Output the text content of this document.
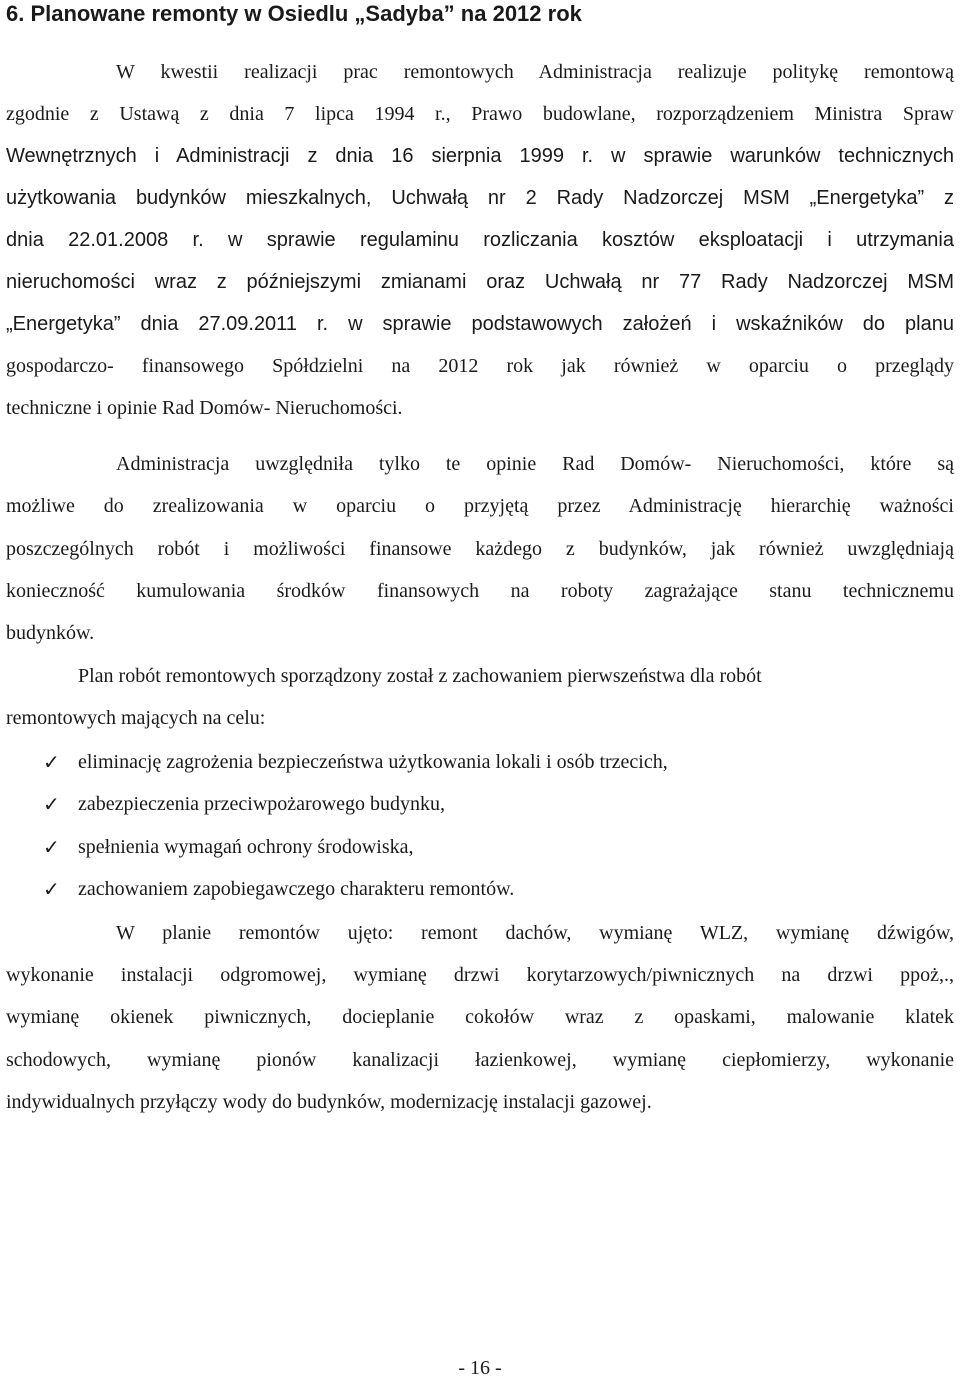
6. Planowane remonty w Osiedlu „Sadyba” na 2012 rok
W kwestii realizacji prac remontowych Administracja realizuje politykę remontową
zgodnie z Ustawą z dnia 7 lipca 1994 r., Prawo budowlane, rozporządzeniem Ministra Spraw
Wewnętrznych i Administracji z dnia 16 sierpnia 1999 r. w sprawie warunków technicznych
użytkowania budynków mieszkalnych, Uchwałą nr 2 Rady Nadzorczej MSM „Energetyka” z
dnia 22.01.2008 r. w sprawie regulaminu rozliczania kosztów eksploatacji i utrzymania
nieruchomości wraz z późniejszymi zmianami oraz Uchwałą nr 77 Rady Nadzorczej MSM
„Energetyka” dnia 27.09.2011 r. w sprawie podstawowych założeń i wskaźników do planu
gospodarczo- finansowego Spółdzielni na 2012 rok jak również w oparciu o przeglądy
techniczne i opinie Rad Domów- Nieruchomości.
Administracja uwzględniła tylko te opinie Rad Domów- Nieruchomości, które są
możliwe do zrealizowania w oparciu o przyjętą przez Administrację hierarchię ważności
poszczególnych robót i możliwości finansowe każdego z budynków, jak również uwzględniają
konieczność kumulowania środków finansowych na roboty zagrażające stanu technicznemu
budynków.
Plan robót remontowych sporządzony został z zachowaniem pierwszeństwa dla robót
remontowych mających na celu:
✓ eliminację zagrożenia bezpieczeństwa użytkowania lokali i osób trzecich,
✓ zabezpieczenia przeciwpożarowego budynku,
✓ spełnienia wymagań ochrony środowiska,
✓ zachowaniem zapobiegawczego charakteru remontów.
W planie remontów ujęto: remont dachów, wymianę WLZ, wymianę dźwigów,
wykonanie instalacji odgromowej, wymianę drzwi korytarzowych/piwnicznych na drzwi ppoż,.,
wymianę okienek piwnicznych, docieplanie cokołów wraz z opaskami, malowanie klatek
schodowych, wymianę pionów kanalizacji łazienkowej, wymianę ciepłomierzy, wykonanie
indywidualnych przyłączy wody do budynków, modernizację instalacji gazowej.
- 16 -
